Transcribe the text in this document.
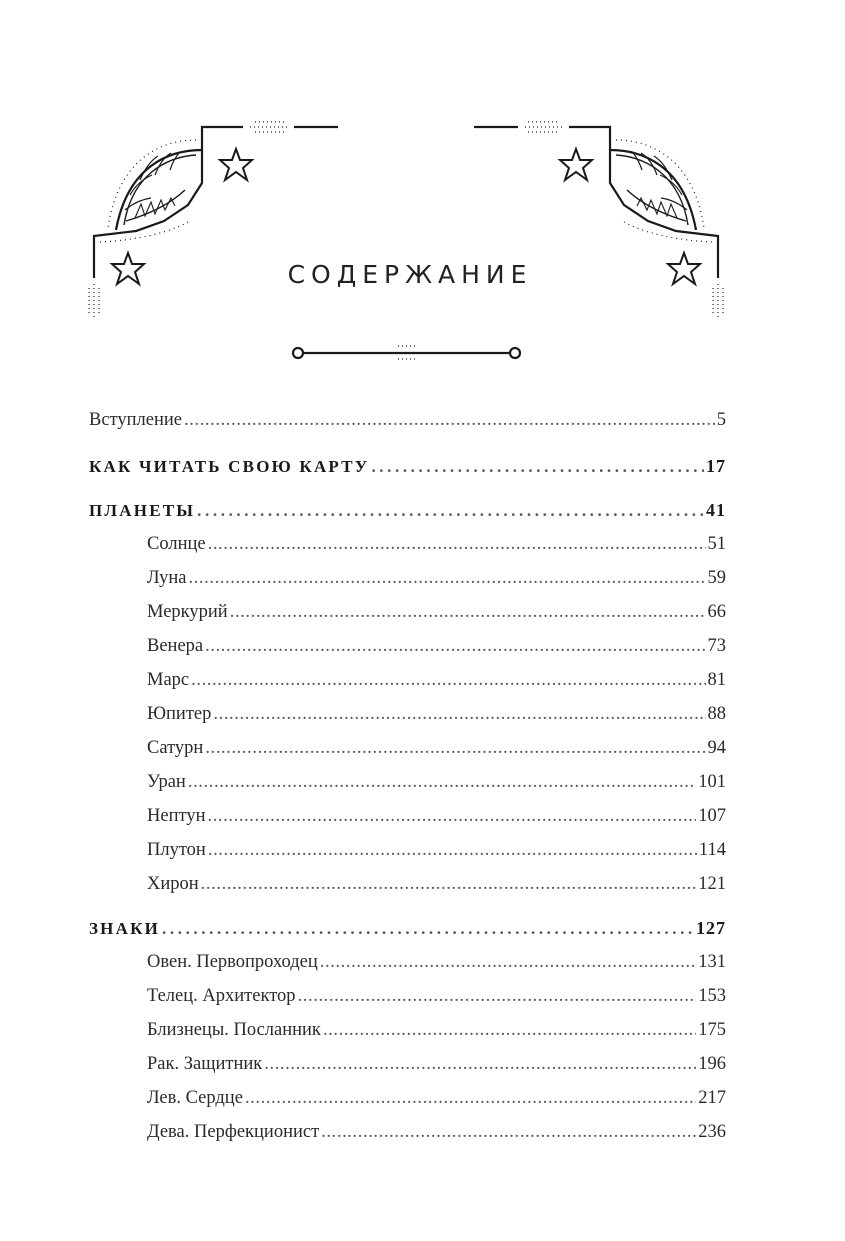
СОДЕРЖАНИЕ
Вступление .....	5
КАК ЧИТАТЬ СВОЮ КАРТУ .....	17
ПЛАНЕТЫ .....	41
Солнце .....	51
Луна .....	59
Меркурий .....	66
Венера .....	73
Марс .....	81
Юпитер .....	88
Сатурн .....	94
Уран .....	101
Нептун .....	107
Плутон .....	114
Хирон .....	121
ЗНАКИ .....	127
Овен. Первопроходец .....	131
Телец. Архитектор .....	153
Близнецы. Посланник .....	175
Рак. Защитник .....	196
Лев. Сердце .....	217
Дева. Перфекционист .....	236
